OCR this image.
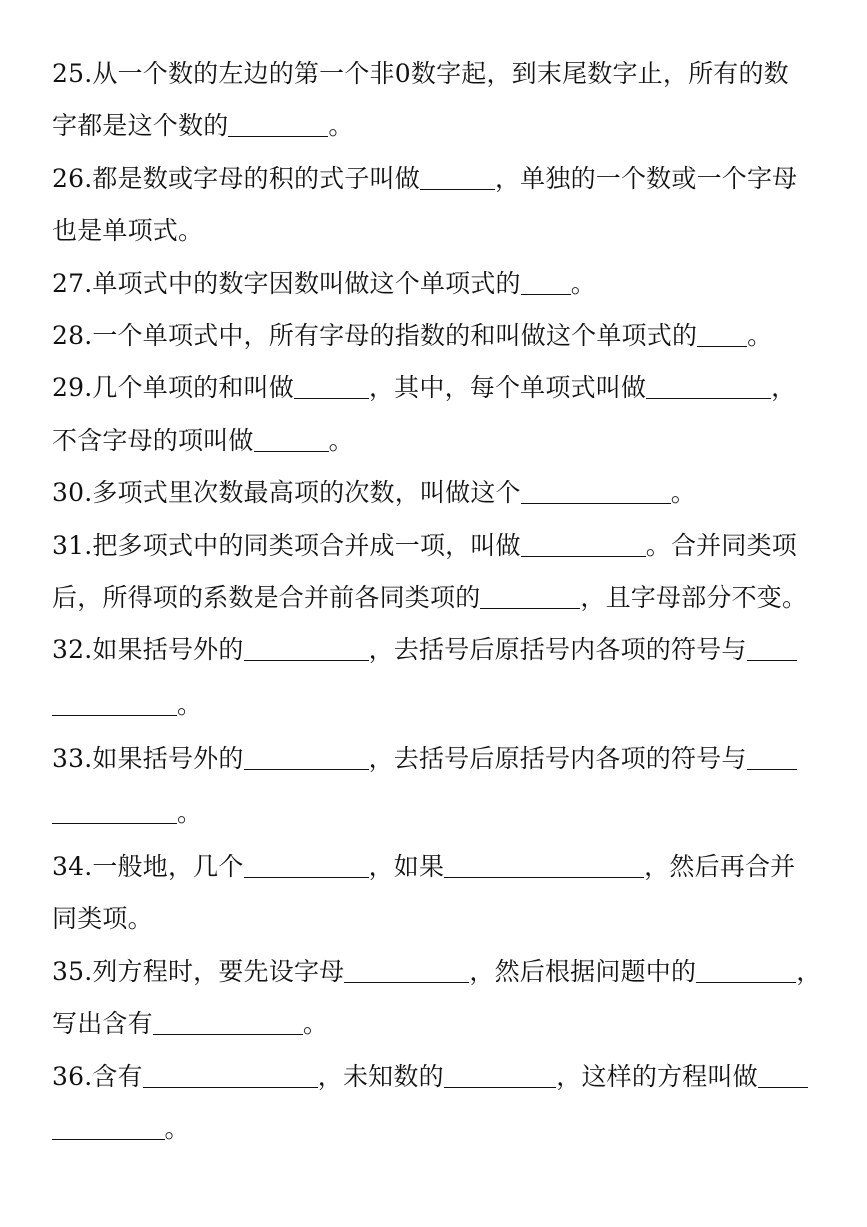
25.从一个数的左边的第一个非0数字起，到末尾数字止，所有的数
字都是这个数的	。
26.都是数或字母的积的式子叫做	，单独的一个数或一个字母
也是单项式。
27.单项式中的数字因数叫做这个单项式的 。
28.一个单项式中，所有字母的指数的和叫做这个单项式的 。
29.几个单项的和叫做	，其中，每个单项式叫做	，
不含字母的项叫做	。
30.多项式里次数最高项的次数，叫做这个	。
31.把多项式中的同类项合并成一项，叫做	。合并同类项
后，所得项的系数是合并前各同类项的	，且字母部分不变。
32.如果括号外的	，去括号后原括号内各项的符号与
。
33.如果括号外的	，去括号后原括号内各项的符号与
。
34.一般地，几个	，如果	，然后再合并
同类项。
35.列方程时，要先设字母	，然后根据问题中的	，
写出含有	。
36.含有	，未知数的	，这样的方程叫做
。
